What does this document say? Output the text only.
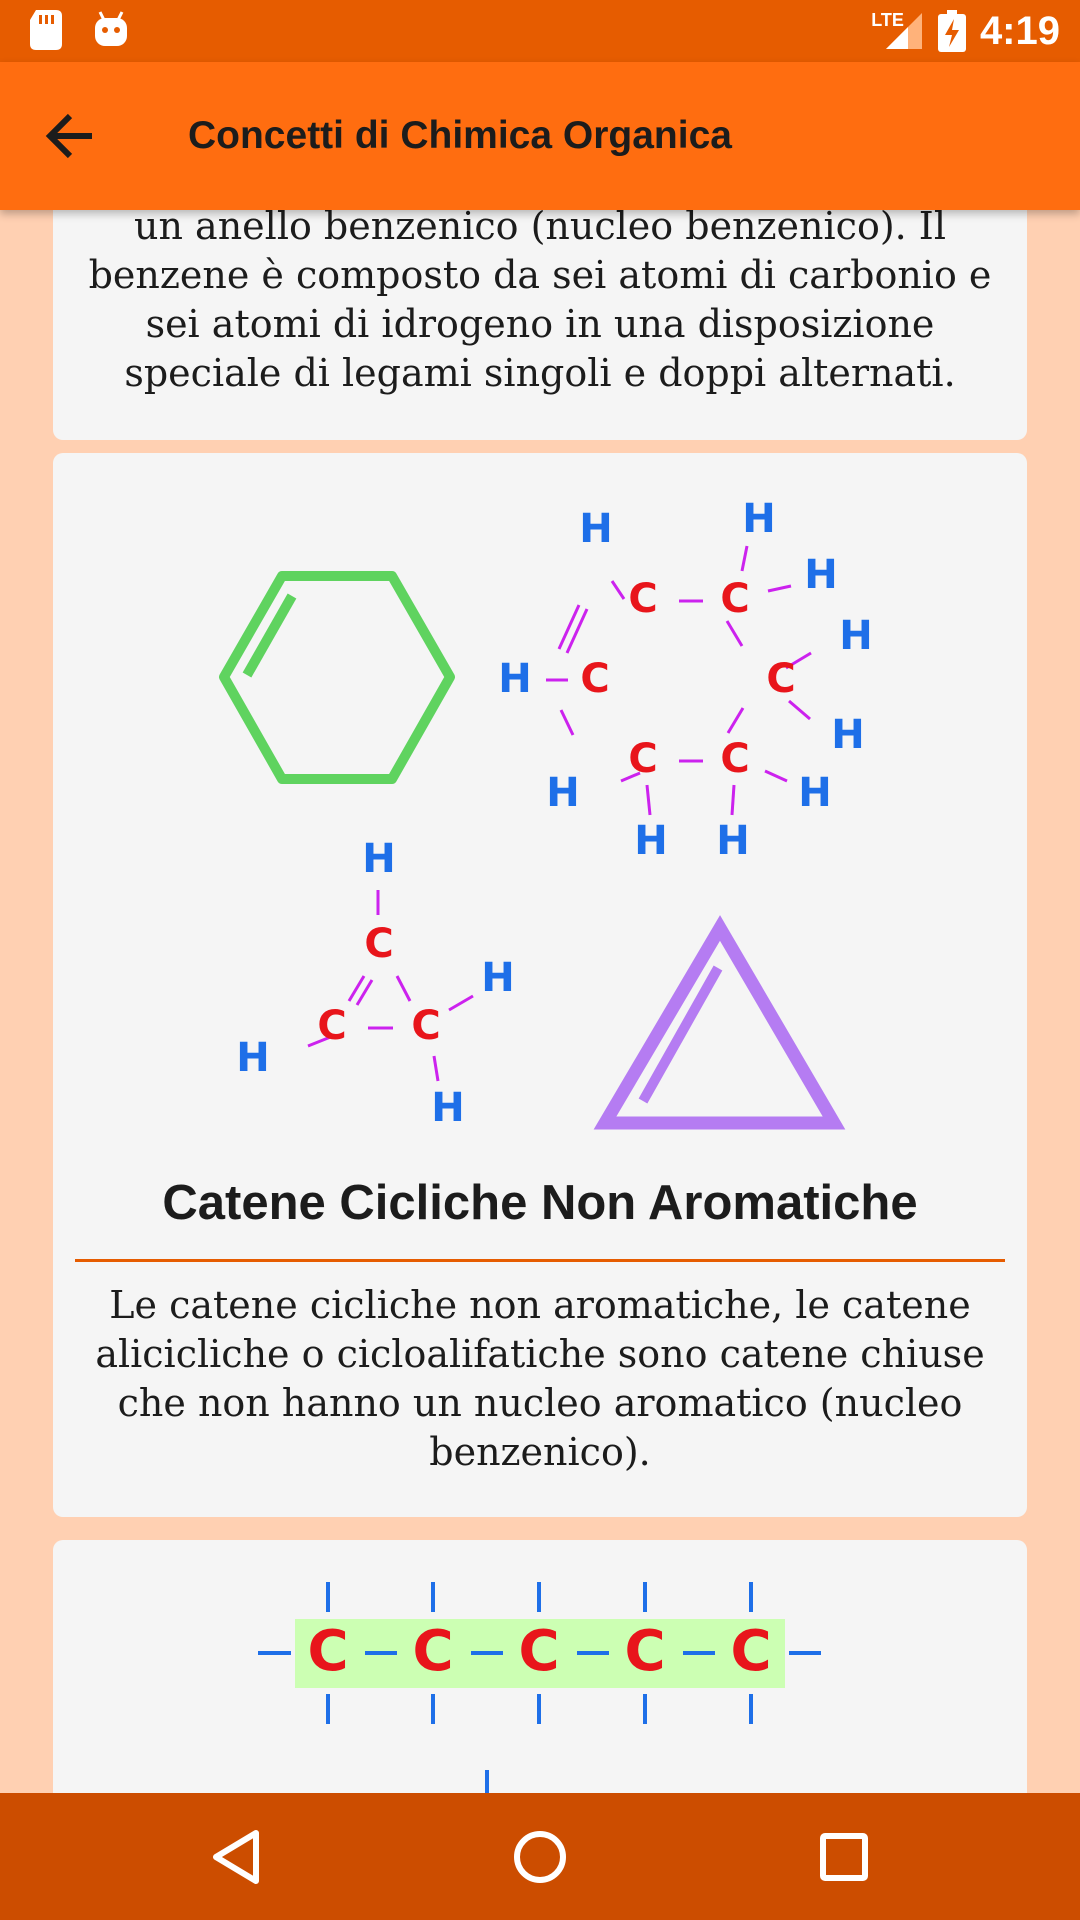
LTE 4:19
Concetti di Chimica Organica
un anello benzenico (nucleo benzenico). Il benzene è composto da sei atomi di carbonio e sei atomi di idrogeno in una disposizione speciale di legami singoli e doppi alternati.
C C
C	C
C C
H	H
H
H
H
H
H	H
H H
H
C
C C
H
H
H
Catene Cicliche Non Aromatiche
Le catene cicliche non aromatiche, le catene alicicliche o cicloalifatiche sono catene chiuse che non hanno un nucleo aromatico (nucleo benzenico).
C C C C C
